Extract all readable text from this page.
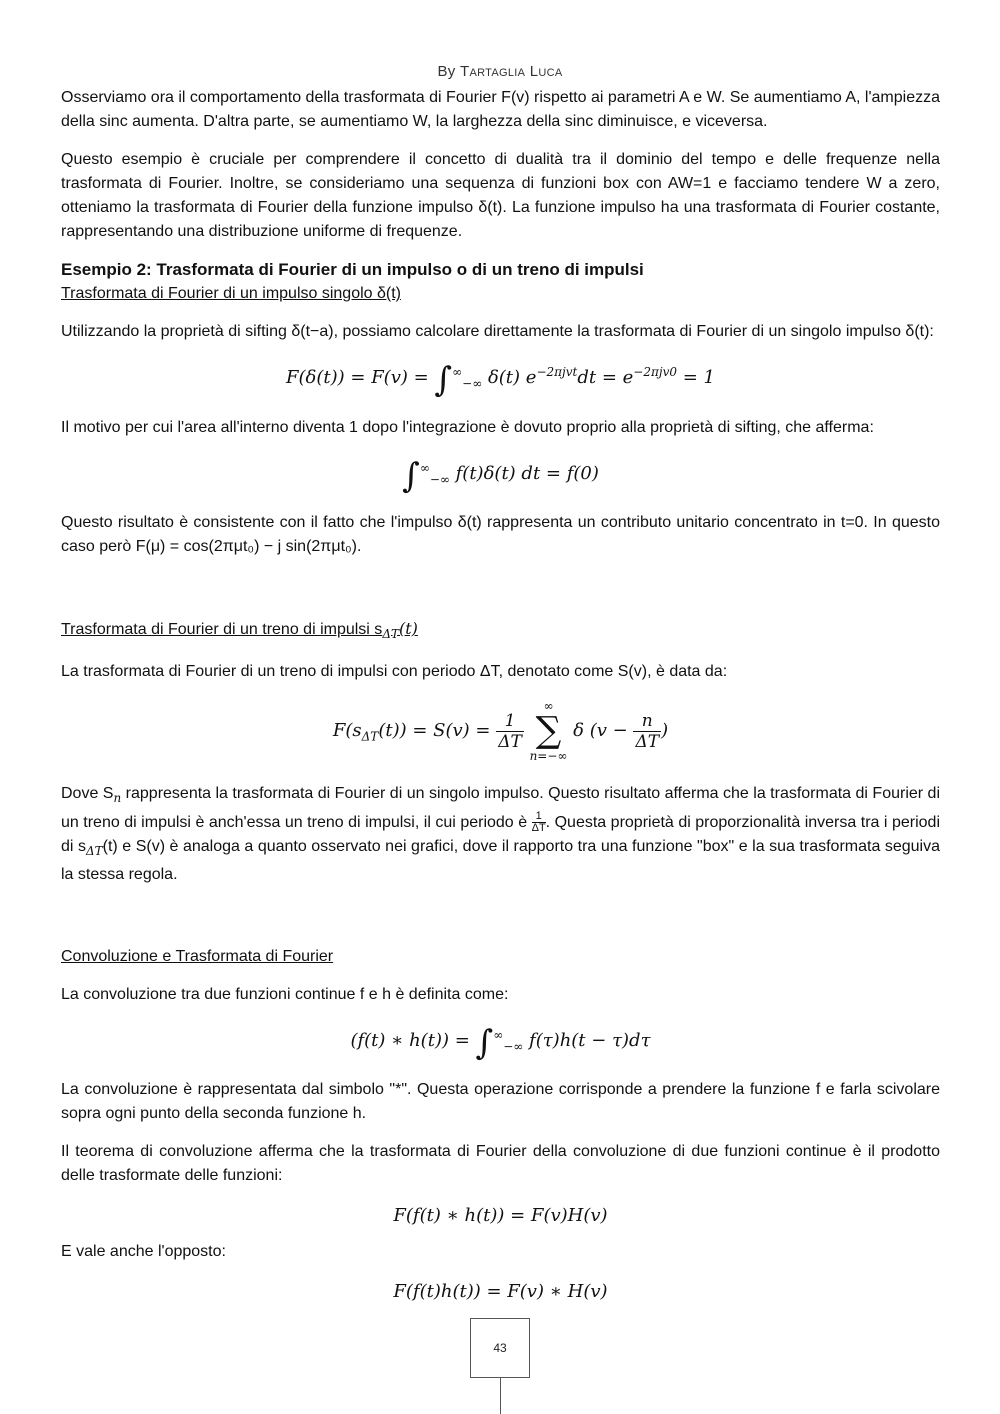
By Tartaglia Luca

Osserviamo ora il comportamento della trasformata di Fourier F(v) rispetto ai parametri A e W. Se aumentiamo A, l'ampiezza della sinc aumenta. D'altra parte, se aumentiamo W, la larghezza della sinc diminuisce, e viceversa.

Questo esempio è cruciale per comprendere il concetto di dualità tra il dominio del tempo e delle frequenze nella trasformata di Fourier. Inoltre, se consideriamo una sequenza di funzioni box con AW=1 e facciamo tendere W a zero, otteniamo la trasformata di Fourier della funzione impulso δ(t). La funzione impulso ha una trasformata di Fourier costante, rappresentando una distribuzione uniforme di frequenze.

Esempio 2: Trasformata di Fourier di un impulso o di un treno di impulsi
Trasformata di Fourier di un impulso singolo δ(t)

Utilizzando la proprietà di sifting δ(t−a), possiamo calcolare direttamente la trasformata di Fourier di un singolo impulso δ(t):

$F(\delta(t)) = F(v) = \int^\infty_{-\infty}$ δ(t) $e^{-2\pi jvt}dt = e^{-2\pi jv0} = 1$

Il motivo per cui l'area all'interno diventa 1 dopo l'integrazione è dovuto proprio alla proprietà di sifting, che afferma:

$\int^\infty_{-\infty}$ f(t)δ(t) dt = f(0)

Questo risultato è consistente con il fatto che l'impulso δ(t) rappresenta un contributo unitario concentrato in t=0. In questo caso però F(μ) = cos(2πμt₀) − j sin(2πμt₀).

Trasformata di Fourier di un treno di impulsi $s_{\Delta T}(t)$

La trasformata di Fourier di un treno di impulsi con periodo ΔT, denotato come S(v), è data da:

$F(s_{\Delta T}(t)) = S(v) = \frac{1}{\Delta T}$

∞
∑
n=−∞
δ ($v - \frac{n}{\Delta T}$ )

Dove $S_n$ rappresenta la trasformata di Fourier di un singolo impulso. Questo risultato afferma che la trasformata di Fourier di un treno di impulsi è anch'essa un treno di impulsi, il cui periodo è $\frac{1}{\Delta T}$. Questa proprietà di proporzionalità inversa tra i periodi di $s_{\Delta T}(t)$ e S(v) è analoga a quanto osservato nei grafici, dove il rapporto tra una funzione "box" e la sua trasformata seguiva la stessa regola.

Convoluzione e Trasformata di Fourier

La convoluzione tra due funzioni continue f e h è definita come:

(f(t) ∗ $h(t)) = \int^\infty_{-\infty}$ f(τ)h(t − τ)dτ

La convoluzione è rappresentata dal simbolo "*". Questa operazione corrisponde a prendere la funzione f e farla scivolare sopra ogni punto della seconda funzione h.

Il teorema di convoluzione afferma che la trasformata di Fourier della convoluzione di due funzioni continue è il prodotto delle trasformate delle funzioni:

F(f(t) ∗ h(t)) = F(v)H(v)

E vale anche l'opposto:

F(f(t)h(t)) = F(v) ∗ H(v)
43
